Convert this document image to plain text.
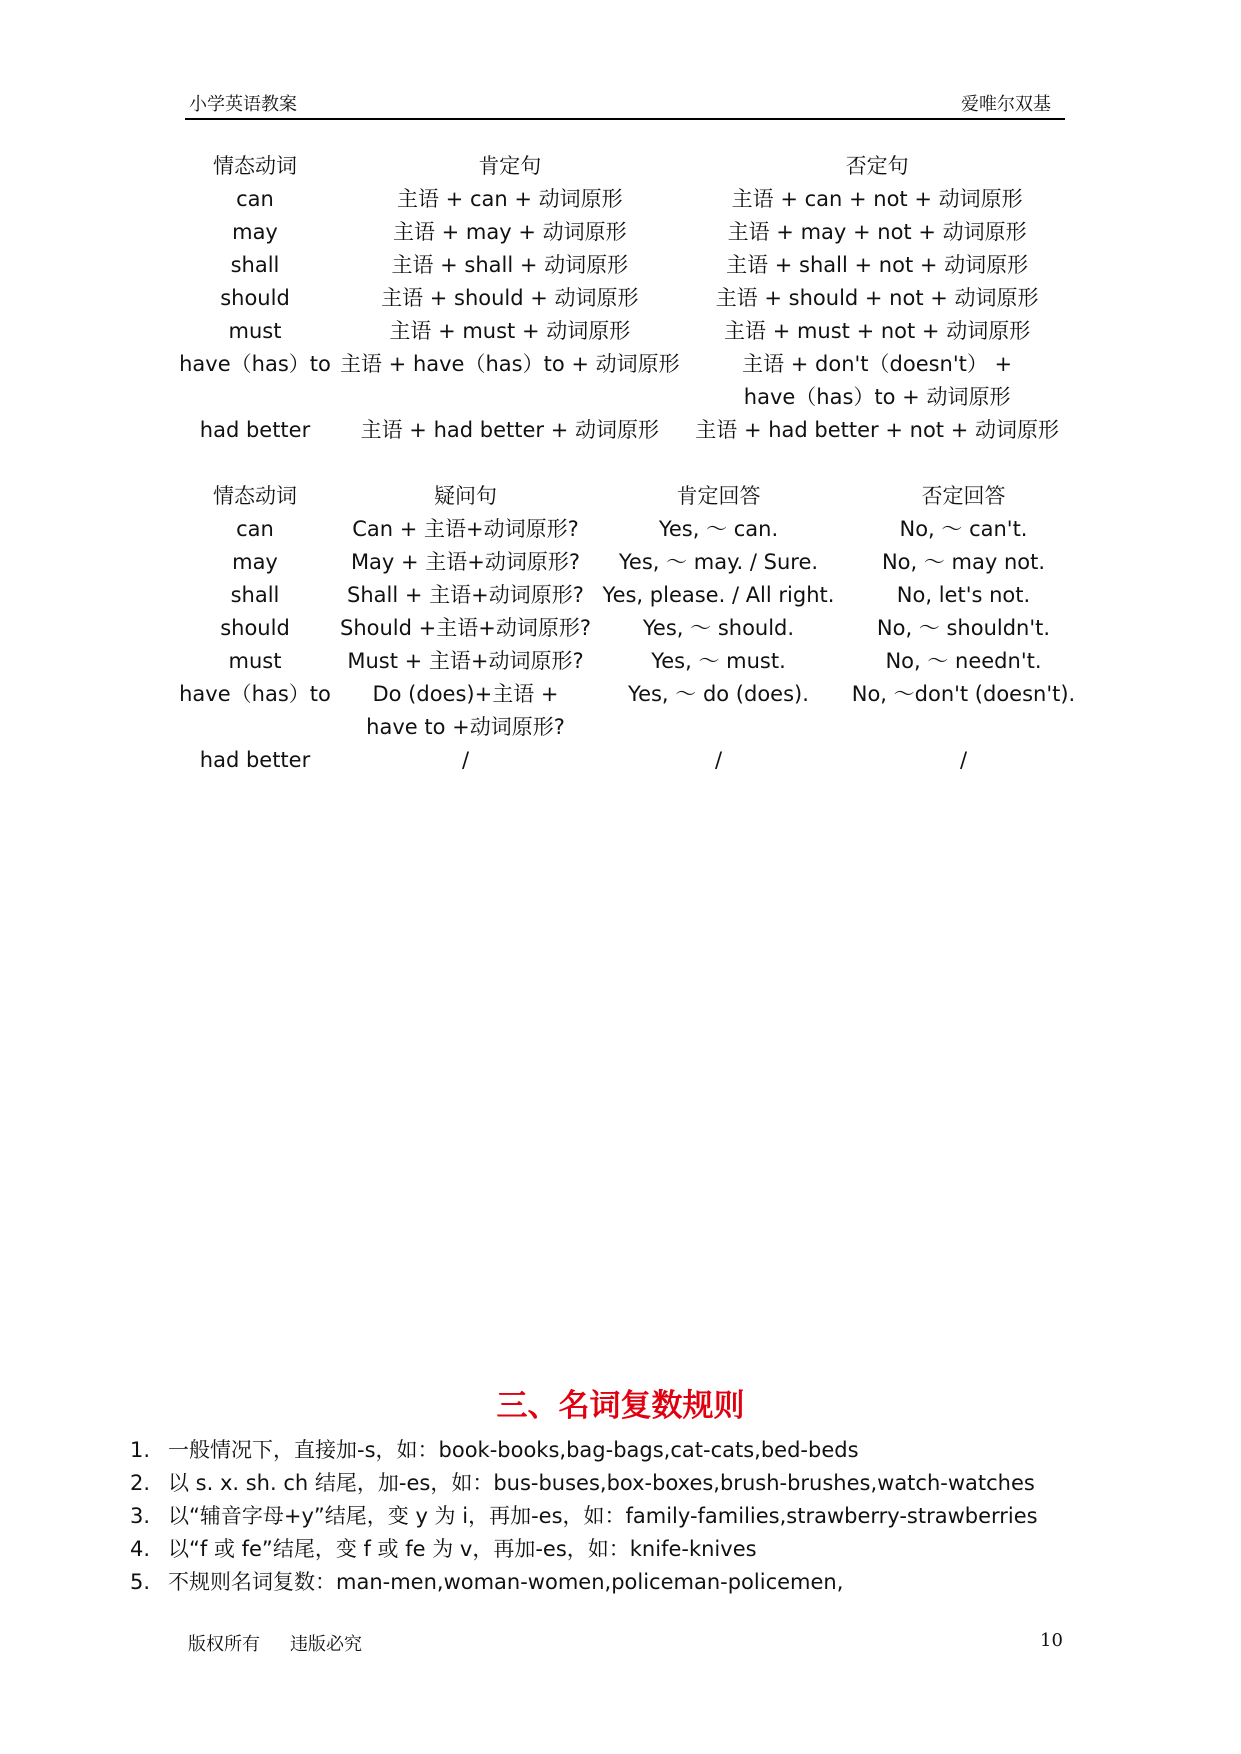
小学英语教案	爱唯尔双基
情态动词	肯定句	否定句
can	主语 + can + 动词原形	主语 + can + not + 动词原形
may	主语 + may + 动词原形	主语 + may + not + 动词原形
shall	主语 + shall + 动词原形	主语 + shall + not + 动词原形
should	主语 + should + 动词原形	主语 + should + not + 动词原形
must	主语 + must + 动词原形	主语 + must + not + 动词原形
have（has）to	主语 + have（has）to + 动词原形	主语 + don't（doesn't） +
		have（has）to + 动词原形
had better	主语 + had better + 动词原形	主语 + had better + not + 动词原形
情态动词	疑问句	肯定回答	否定回答
can	Can + 主语+动词原形?	Yes, ～ can.	No, ～ can't.
may	May + 主语+动词原形?	Yes, ～ may. / Sure.	No, ～ may not.
shall	Shall + 主语+动词原形?	Yes, please. / All right.	No, let's not.
should	Should +主语+动词原形?	Yes, ～ should.	No, ～ shouldn't.
must	Must + 主语+动词原形?	Yes, ～ must.	No, ～ needn't.
have（has）to	Do (does)+主语 +	Yes, ～ do (does).	No, ～don't (doesn't).
	have to +动词原形?		
had better	/	/	/
三、名词复数规则
1. 一般情况下，直接加-s，如：book-books,bag-bags,cat-cats,bed-beds
2. 以 s. x. sh. ch 结尾，加-es，如：bus-buses,box-boxes,brush-brushes,watch-watches
3. 以“辅音字母+y”结尾，变 y 为 i，再加-es，如：family-families,strawberry-strawberries
4. 以“f 或 fe”结尾，变 f 或 fe 为 v，再加-es，如：knife-knives
5. 不规则名词复数：man-men,woman-women,policeman-policemen,
版权所有 违版必究	10
